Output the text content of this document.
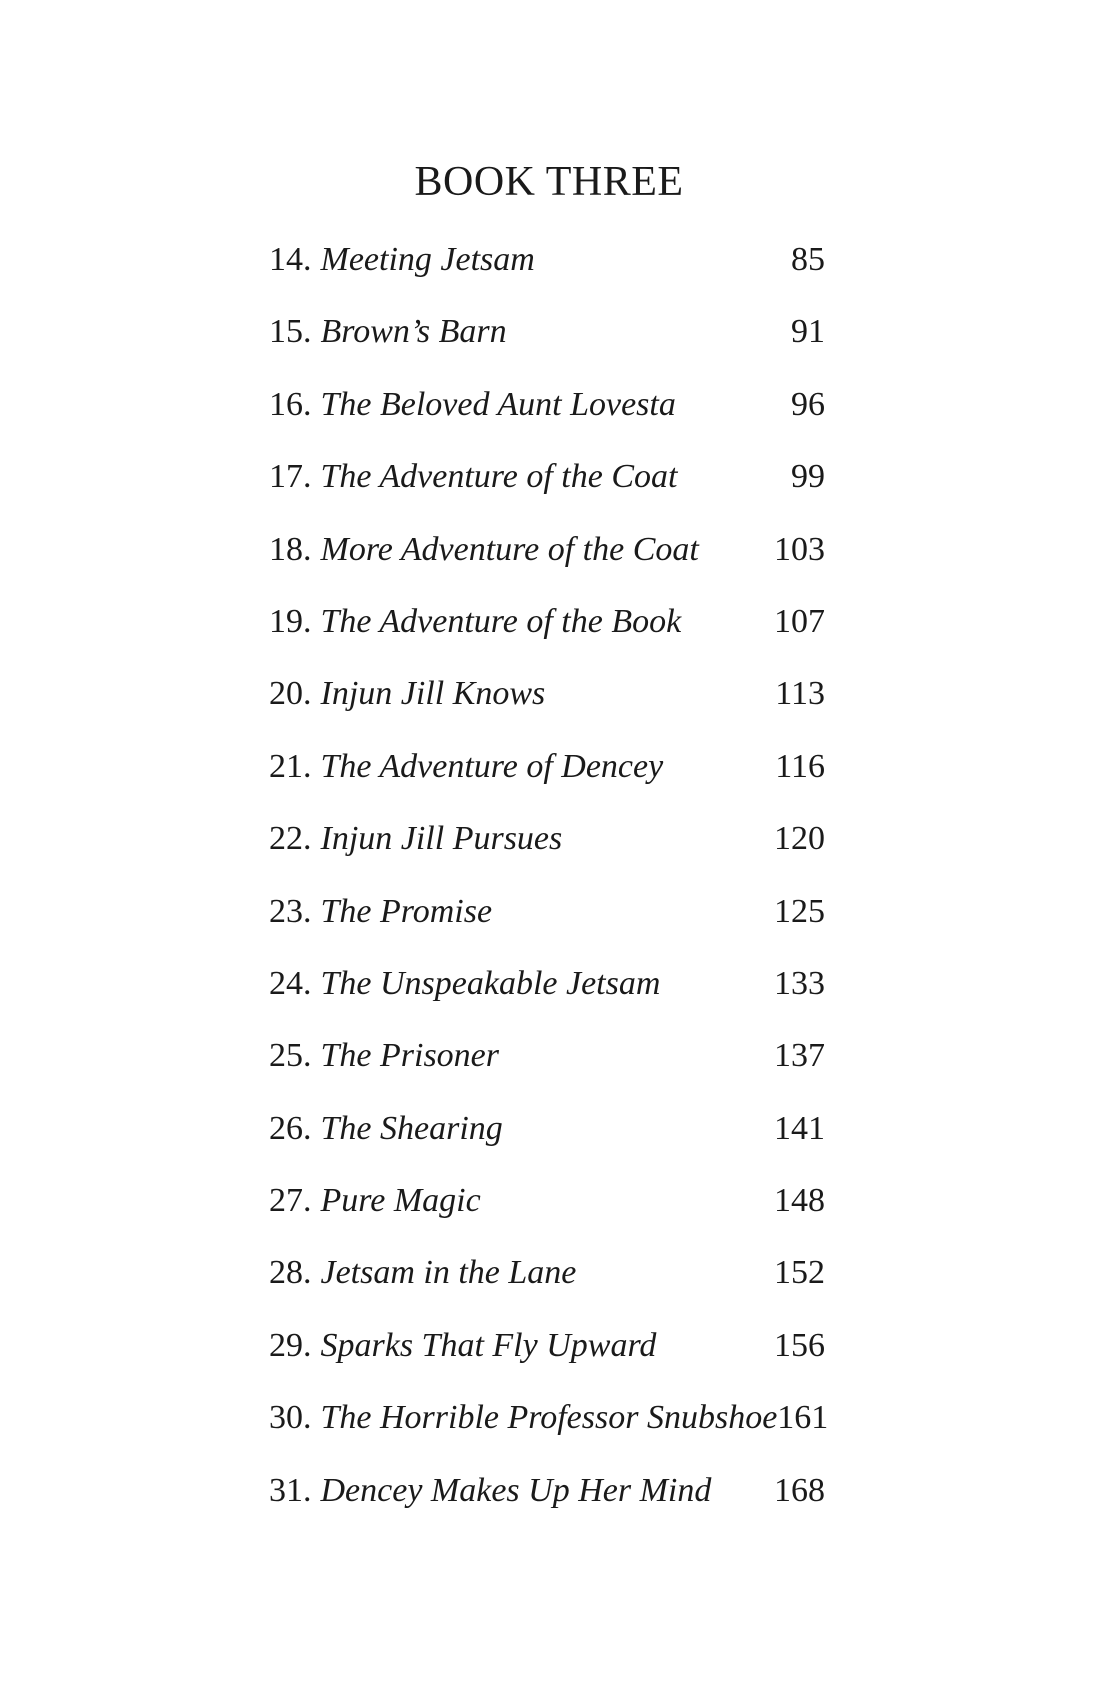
BOOK THREE
14. Meeting Jetsam	85
15. Brown’s Barn	91
16. The Beloved Aunt Lovesta	96
17. The Adventure of the Coat	99
18. More Adventure of the Coat 103
19. The Adventure of the Book	107
20. Injun Jill Knows	113
21. The Adventure of Dencey	116
22. Injun Jill Pursues	120
23. The Promise	125
24. The Unspeakable Jetsam	133
25. The Prisoner	137
26. The Shearing	141
27. Pure Magic	148
28. Jetsam in the Lane	152
29. Sparks That Fly Upward	156
30. The Horrible Professor Snubshoe 161
31. Dencey Makes Up Her Mind 168
